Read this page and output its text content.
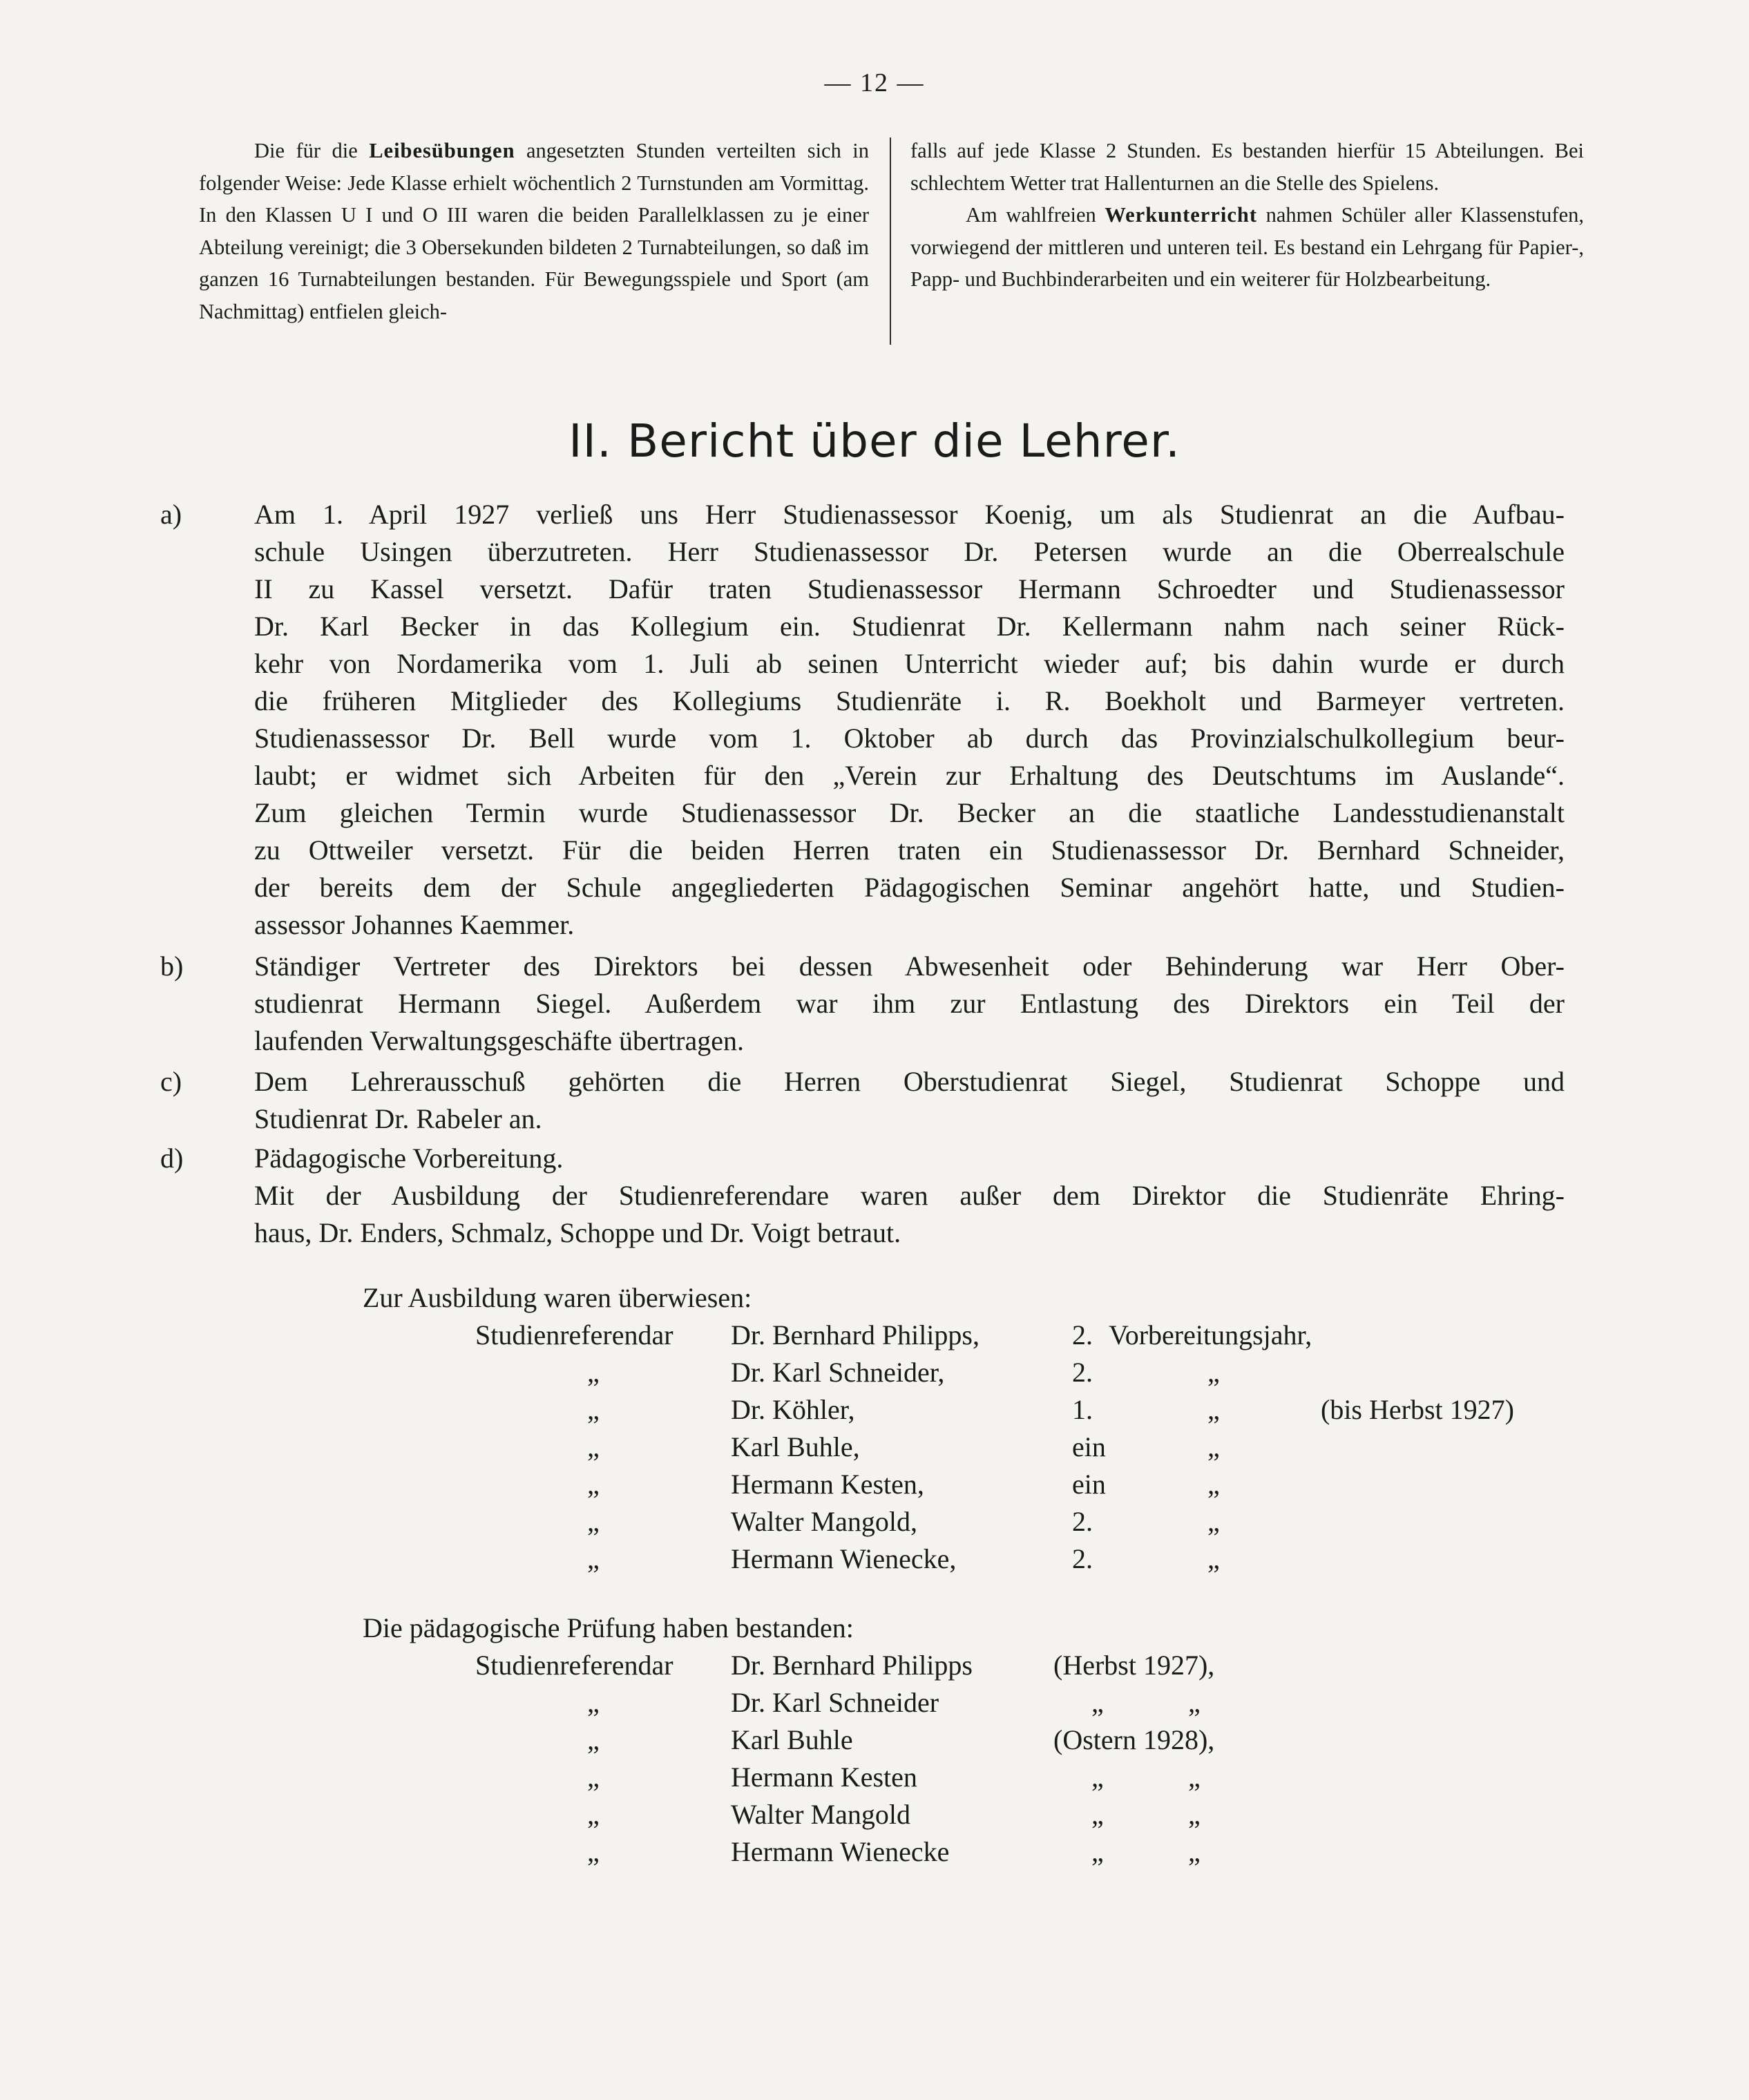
— 12 —

Die für die Leibesübungen angesetzten Stunden verteilten sich in folgender Weise: Jede Klasse erhielt wöchentlich 2 Turnstunden am Vormittag. In den Klassen U I und O III waren die beiden Parallelklassen zu je einer Abteilung vereinigt; die 3 Obersekunden bildeten 2 Turnabteilungen, so daß im ganzen 16 Turnabteilungen bestanden. Für Bewegungsspiele und Sport (am Nachmittag) entfielen gleich-

falls auf jede Klasse 2 Stunden. Es bestanden hierfür 15 Abteilungen. Bei schlechtem Wetter trat Hallenturnen an die Stelle des Spielens.

Am wahlfreien Werkunterricht nahmen Schüler aller Klassenstufen, vorwiegend der mittleren und unteren teil. Es bestand ein Lehrgang für Papier-, Papp- und Buchbinderarbeiten und ein weiterer für Holzbearbeitung.

II. Bericht über die Lehrer.
a)	Am 1. April 1927 verließ uns Herr Studienassessor Koenig, um als Studienrat an die Aufbau-
schule Usingen überzutreten. Herr Studienassessor Dr. Petersen wurde an die Oberrealschule
II zu Kassel versetzt. Dafür traten Studienassessor Hermann Schroedter und Studienassessor
Dr. Karl Becker in das Kollegium ein. Studienrat Dr. Kellermann nahm nach seiner Rück-
kehr von Nordamerika vom 1. Juli ab seinen Unterricht wieder auf; bis dahin wurde er durch
die früheren Mitglieder des Kollegiums Studienräte i. R. Boekholt und Barmeyer vertreten.
Studienassessor Dr. Bell wurde vom 1. Oktober ab durch das Provinzialschulkollegium beur-
laubt; er widmet sich Arbeiten für den „Verein zur Erhaltung des Deutschtums im Auslande“.
Zum gleichen Termin wurde Studienassessor Dr. Becker an die staatliche Landesstudienanstalt
zu Ottweiler versetzt. Für die beiden Herren traten ein Studienassessor Dr. Bernhard Schneider,
der bereits dem der Schule angegliederten Pädagogischen Seminar angehört hatte, und Studien-
assessor Johannes Kaemmer.
b)	Ständiger Vertreter des Direktors bei dessen Abwesenheit oder Behinderung war Herr Ober-
studienrat Hermann Siegel. Außerdem war ihm zur Entlastung des Direktors ein Teil der
laufenden Verwaltungsgeschäfte übertragen.
c)	Dem Lehrerausschuß gehörten die Herren Oberstudienrat Siegel, Studienrat Schoppe und
Studienrat Dr. Rabeler an.
d)	Pädagogische Vorbereitung.
Mit der Ausbildung der Studienreferendare waren außer dem Direktor die Studienräte Ehring-
haus, Dr. Enders, Schmalz, Schoppe und Dr. Voigt betraut.
Zur Ausbildung waren überwiesen:
Studienreferendar Dr. Bernhard Philipps,	2. Vorbereitungsjahr,
„	Dr. Karl Schneider,	2.	„
„	Dr. Köhler,	1.	„	(bis Herbst 1927)
„	Karl Buhle,	ein	„
„	Hermann Kesten,	ein	„
„	Walter Mangold,	2.	„
„	Hermann Wienecke,	2.	„
Die pädagogische Prüfung haben bestanden:
Studienreferendar Dr. Bernhard Philipps	(Herbst 1927),
„	Dr. Karl Schneider	„	„
„	Karl Buhle	(Ostern 1928),
„	Hermann Kesten	„	„
„	Walter Mangold	„	„
„	Hermann Wienecke	„	„
